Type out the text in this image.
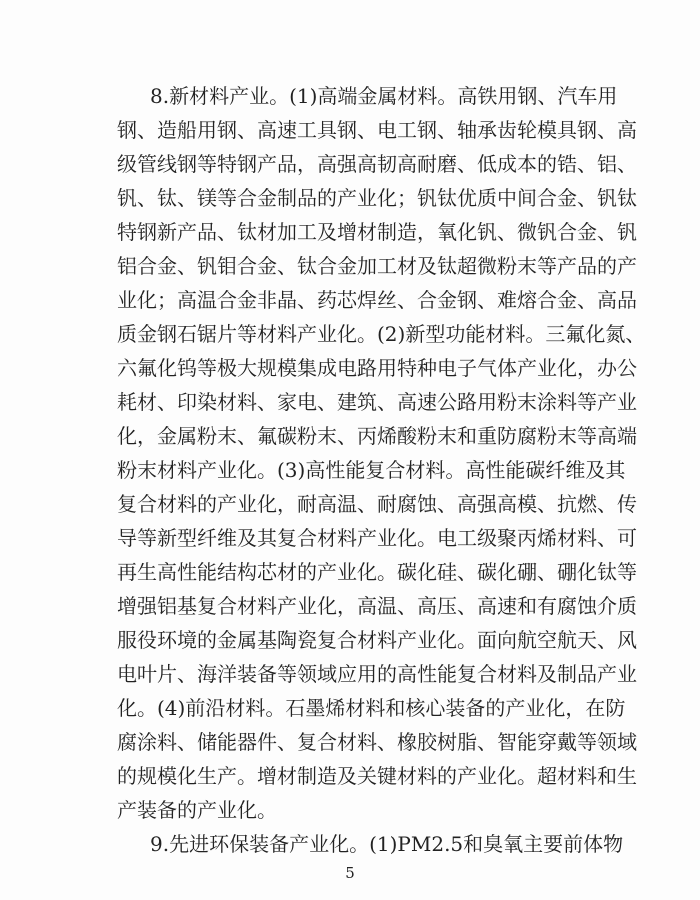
8.新材料产业。(1)高端金属材料。高铁用钢、汽车用
钢、造船用钢、高速工具钢、电工钢、轴承齿轮模具钢、高
级管线钢等特钢产品，高强高韧高耐磨、低成本的锆、铝、
钒、钛、镁等合金制品的产业化；钒钛优质中间合金、钒钛
特钢新产品、钛材加工及增材制造，氧化钒、微钒合金、钒
铝合金、钒钼合金、钛合金加工材及钛超微粉末等产品的产
业化；高温合金非晶、药芯焊丝、合金钢、难熔合金、高品
质金钢石锯片等材料产业化。(2)新型功能材料。三氟化氮、
六氟化钨等极大规模集成电路用特种电子气体产业化，办公
耗材、印染材料、家电、建筑、高速公路用粉末涂料等产业
化，金属粉末、氟碳粉末、丙烯酸粉末和重防腐粉末等高端
粉末材料产业化。(3)高性能复合材料。高性能碳纤维及其
复合材料的产业化，耐高温、耐腐蚀、高强高模、抗燃、传
导等新型纤维及其复合材料产业化。电工级聚丙烯材料、可
再生高性能结构芯材的产业化。碳化硅、碳化硼、硼化钛等
增强铝基复合材料产业化，高温、高压、高速和有腐蚀介质
服役环境的金属基陶瓷复合材料产业化。面向航空航天、风
电叶片、海洋装备等领域应用的高性能复合材料及制品产业
化。(4)前沿材料。石墨烯材料和核心装备的产业化，在防
腐涂料、储能器件、复合材料、橡胶树脂、智能穿戴等领域
的规模化生产。增材制造及关键材料的产业化。超材料和生
产装备的产业化。
9.先进环保装备产业化。(1)PM2.5和臭氧主要前体物
5
